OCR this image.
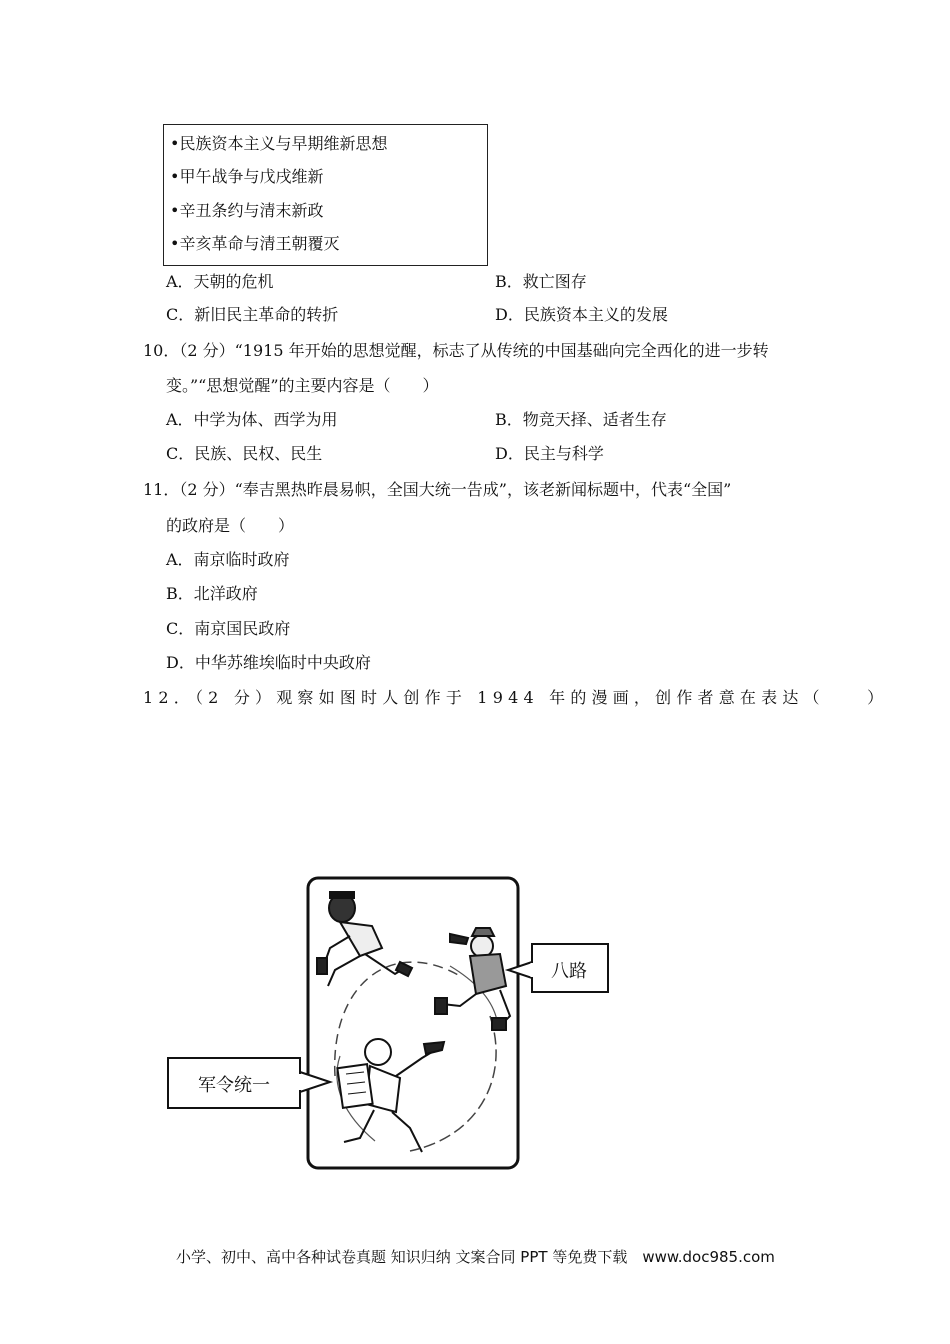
•民族资本主义与早期维新思想
•甲午战争与戊戌维新
•辛丑条约与清末新政
•辛亥革命与清王朝覆灭
A．天朝的危机	B．救亡图存
C．新旧民主革命的转折	D．民族资本主义的发展
10．（2 分）“1915 年开始的思想觉醒，标志了从传统的中国基础向完全西化的进一步转
变。”“思想觉醒”的主要内容是（　　）
A．中学为体、西学为用	B．物竞天择、适者生存
C．民族、民权、民生	D．民主与科学
11．（2 分）“奉吉黑热昨晨易帜，全国大统一告成”，该老新闻标题中，代表“全国”
的政府是（　　）
A．南京临时政府
B．北洋政府
C．南京国民政府
D．中华苏维埃临时中央政府
12．（2 分）观察如图时人创作于 1944 年的漫画，创作者意在表达（　　）
八路
军令统一
小学、初中、高中各种试卷真题 知识归纳 文案合同 PPT 等免费下载　www.doc985.com
